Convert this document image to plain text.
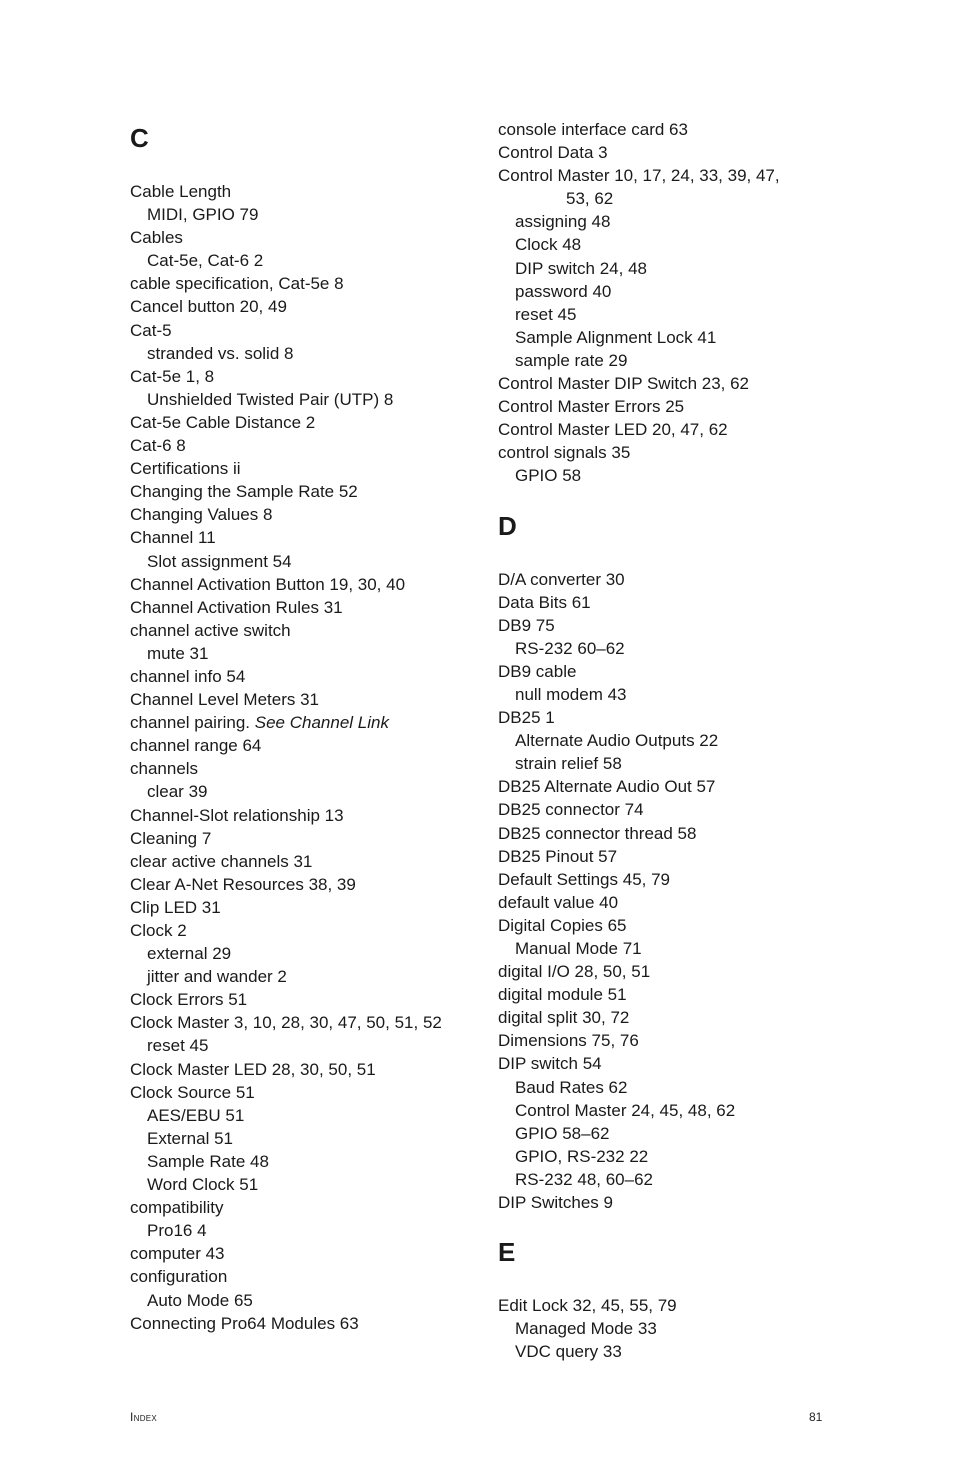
C
Cable Length
MIDI, GPIO 79
Cables
Cat-5e, Cat-6 2
cable specification, Cat-5e 8
Cancel button 20, 49
Cat-5
stranded vs. solid 8
Cat-5e 1, 8
Unshielded Twisted Pair (UTP) 8
Cat-5e Cable Distance 2
Cat-6 8
Certifications ii
Changing the Sample Rate 52
Changing Values 8
Channel 11
Slot assignment 54
Channel Activation Button 19, 30, 40
Channel Activation Rules 31
channel active switch
mute 31
channel info 54
Channel Level Meters 31
channel pairing. See Channel Link
channel range 64
channels
clear 39
Channel-Slot relationship 13
Cleaning 7
clear active channels 31
Clear A-Net Resources 38, 39
Clip LED 31
Clock 2
external 29
jitter and wander 2
Clock Errors 51
Clock Master 3, 10, 28, 30, 47, 50, 51, 52
reset 45
Clock Master LED 28, 30, 50, 51
Clock Source 51
AES/EBU 51
External 51
Sample Rate 48
Word Clock 51
compatibility
Pro16 4
computer 43
configuration
Auto Mode 65
Connecting Pro64 Modules 63
console interface card 63
Control Data 3
Control Master 10, 17, 24, 33, 39, 47,
53, 62
assigning 48
Clock 48
DIP switch 24, 48
password 40
reset 45
Sample Alignment Lock 41
sample rate 29
Control Master DIP Switch 23, 62
Control Master Errors 25
Control Master LED 20, 47, 62
control signals 35
GPIO 58
D
D/A converter 30
Data Bits 61
DB9 75
RS-232 60–62
DB9 cable
null modem 43
DB25 1
Alternate Audio Outputs 22
strain relief 58
DB25 Alternate Audio Out 57
DB25 connector 74
DB25 connector thread 58
DB25 Pinout 57
Default Settings 45, 79
default value 40
Digital Copies 65
Manual Mode 71
digital I/O 28, 50, 51
digital module 51
digital split 30, 72
Dimensions 75, 76
DIP switch 54
Baud Rates 62
Control Master 24, 45, 48, 62
GPIO 58–62
GPIO, RS-232 22
RS-232 48, 60–62
DIP Switches 9
E
Edit Lock 32, 45, 55, 79
Managed Mode 33
VDC query 33
Index	81
